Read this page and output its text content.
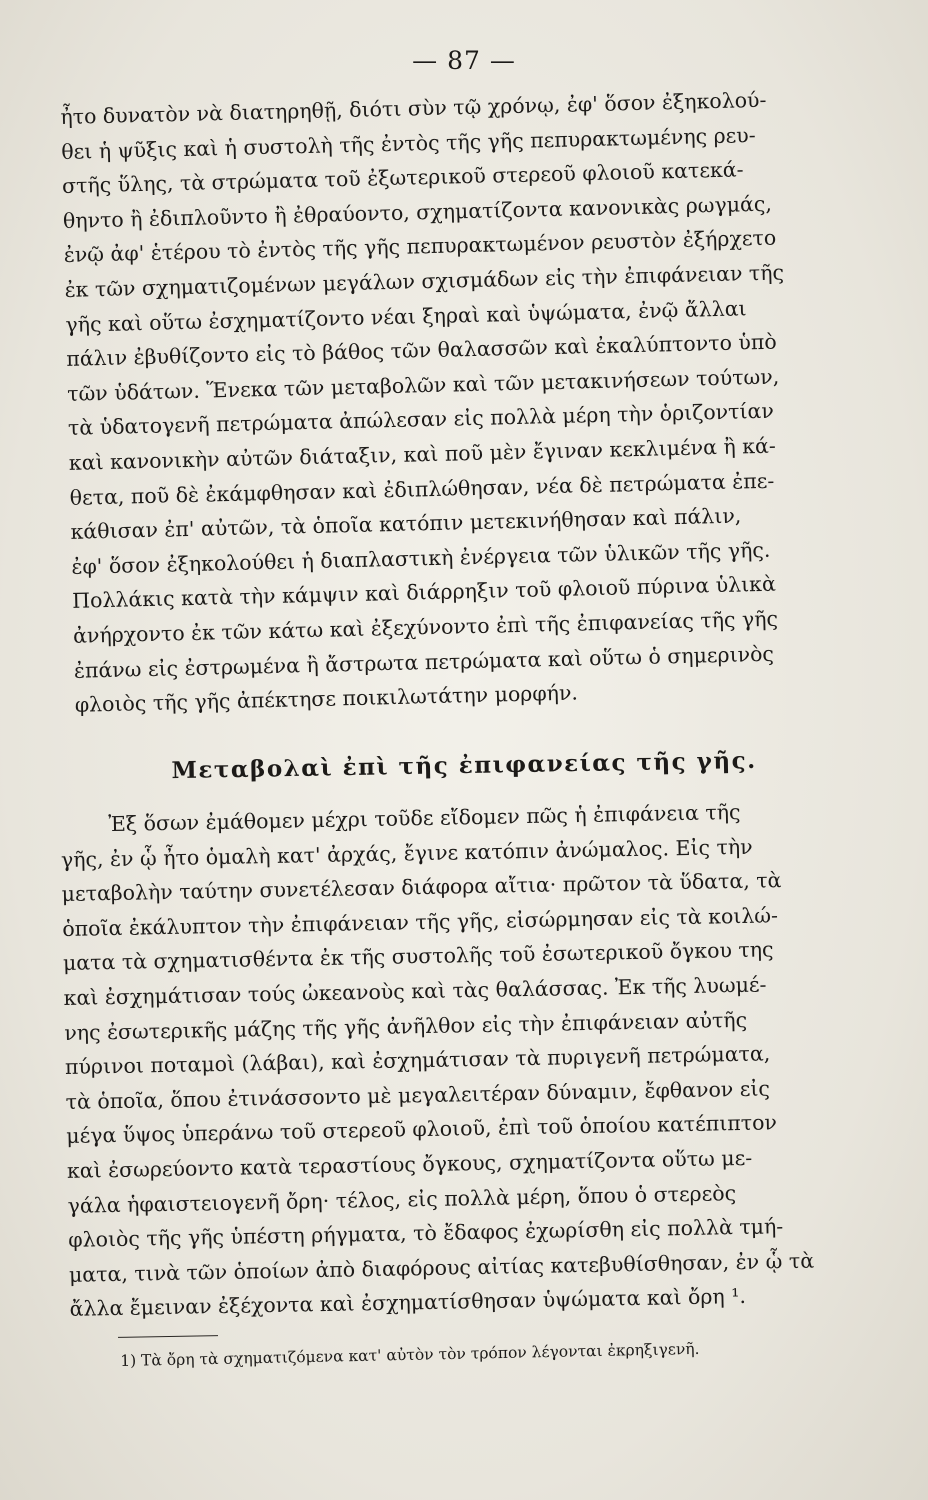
— 87 —
ἦτο δυνατὸν νὰ διατηρηθῇ, διότι σὺν τῷ χρόνῳ, ἐφ' ὅσον ἐξηκολού-
θει ἡ ψῦξις καὶ ἡ συστολὴ τῆς ἐντὸς τῆς γῆς πεπυρακτωμένης ρευ-
στῆς ὕλης, τὰ στρώματα τοῦ ἐξωτερικοῦ στερεοῦ φλοιοῦ κατεκά-
θηντο ἢ ἐδιπλοῦντο ἢ ἐθραύοντο, σχηματίζοντα κανονικὰς ρωγμάς,
ἐνῷ ἀφ' ἑτέρου τὸ ἐντὸς τῆς γῆς πεπυρακτωμένον ρευστὸν ἐξήρχετο
ἐκ τῶν σχηματιζομένων μεγάλων σχισμάδων εἰς τὴν ἐπιφάνειαν τῆς
γῆς καὶ οὕτω ἐσχηματίζοντο νέαι ξηραὶ καὶ ὑψώματα, ἐνῷ ἄλλαι
πάλιν ἐβυθίζοντο εἰς τὸ βάθος τῶν θαλασσῶν καὶ ἐκαλύπτοντο ὑπὸ
τῶν ὑδάτων. Ἕνεκα τῶν μεταβολῶν καὶ τῶν μετακινήσεων τούτων,
τὰ ὑδατογενῆ πετρώματα ἀπώλεσαν εἰς πολλὰ μέρη τὴν ὁριζοντίαν
καὶ κανονικὴν αὐτῶν διάταξιν, καὶ ποῦ μὲν ἔγιναν κεκλιμένα ἢ κά-
θετα, ποῦ δὲ ἐκάμφθησαν καὶ ἐδιπλώθησαν, νέα δὲ πετρώματα ἐπε-
κάθισαν ἐπ' αὐτῶν, τὰ ὁποῖα κατόπιν μετεκινήθησαν καὶ πάλιν,
ἐφ' ὅσον ἐξηκολούθει ἡ διαπλαστικὴ ἐνέργεια τῶν ὑλικῶν τῆς γῆς.
Πολλάκις κατὰ τὴν κάμψιν καὶ διάρρηξιν τοῦ φλοιοῦ πύρινα ὑλικὰ
ἀνήρχοντο ἐκ τῶν κάτω καὶ ἐξεχύνοντο ἐπὶ τῆς ἐπιφανείας τῆς γῆς
ἐπάνω εἰς ἐστρωμένα ἢ ἄστρωτα πετρώματα καὶ οὕτω ὁ σημερινὸς
φλοιὸς τῆς γῆς ἀπέκτησε ποικιλωτάτην μορφήν.
Μεταβολαὶ ἐπὶ τῆς ἐπιφανείας τῆς γῆς.
Ἐξ ὅσων ἐμάθομεν μέχρι τοῦδε εἴδομεν πῶς ἡ ἐπιφάνεια τῆς
γῆς, ἐν ᾧ ἦτο ὁμαλὴ κατ' ἀρχάς, ἔγινε κατόπιν ἀνώμαλος. Εἰς τὴν
μεταβολὴν ταύτην συνετέλεσαν διάφορα αἴτια· πρῶτον τὰ ὕδατα, τὰ
ὁποῖα ἐκάλυπτον τὴν ἐπιφάνειαν τῆς γῆς, εἰσώρμησαν εἰς τὰ κοιλώ-
ματα τὰ σχηματισθέντα ἐκ τῆς συστολῆς τοῦ ἐσωτερικοῦ ὄγκου της
καὶ ἐσχημάτισαν τούς ὠκεανοὺς καὶ τὰς θαλάσσας. Ἐκ τῆς λυωμέ-
νης ἐσωτερικῆς μάζης τῆς γῆς ἀνῆλθον εἰς τὴν ἐπιφάνειαν αὐτῆς
πύρινοι ποταμοὶ (λάβαι), καὶ ἐσχημάτισαν τὰ πυριγενῆ πετρώματα,
τὰ ὁποῖα, ὅπου ἐτινάσσοντο μὲ μεγαλειτέραν δύναμιν, ἔφθανον εἰς
μέγα ὕψος ὑπεράνω τοῦ στερεοῦ φλοιοῦ, ἐπὶ τοῦ ὁποίου κατέπιπτον
καὶ ἐσωρεύοντο κατὰ τεραστίους ὄγκους, σχηματίζοντα οὕτω με-
γάλα ἡφαιστειογενῆ ὄρη· τέλος, εἰς πολλὰ μέρη, ὅπου ὁ στερεὸς
φλοιὸς τῆς γῆς ὑπέστη ρήγματα, τὸ ἔδαφος ἐχωρίσθη εἰς πολλὰ τμή-
ματα, τινὰ τῶν ὁποίων ἀπὸ διαφόρους αἰτίας κατεβυθίσθησαν, ἐν ᾧ τὰ
ἄλλα ἔμειναν ἐξέχοντα καὶ ἐσχηματίσθησαν ὑψώματα καὶ ὄρη ¹.
1) Τὰ ὄρη τὰ σχηματιζόμενα κατ' αὐτὸν τὸν τρόπον λέγονται ἐκρηξιγενῆ.
